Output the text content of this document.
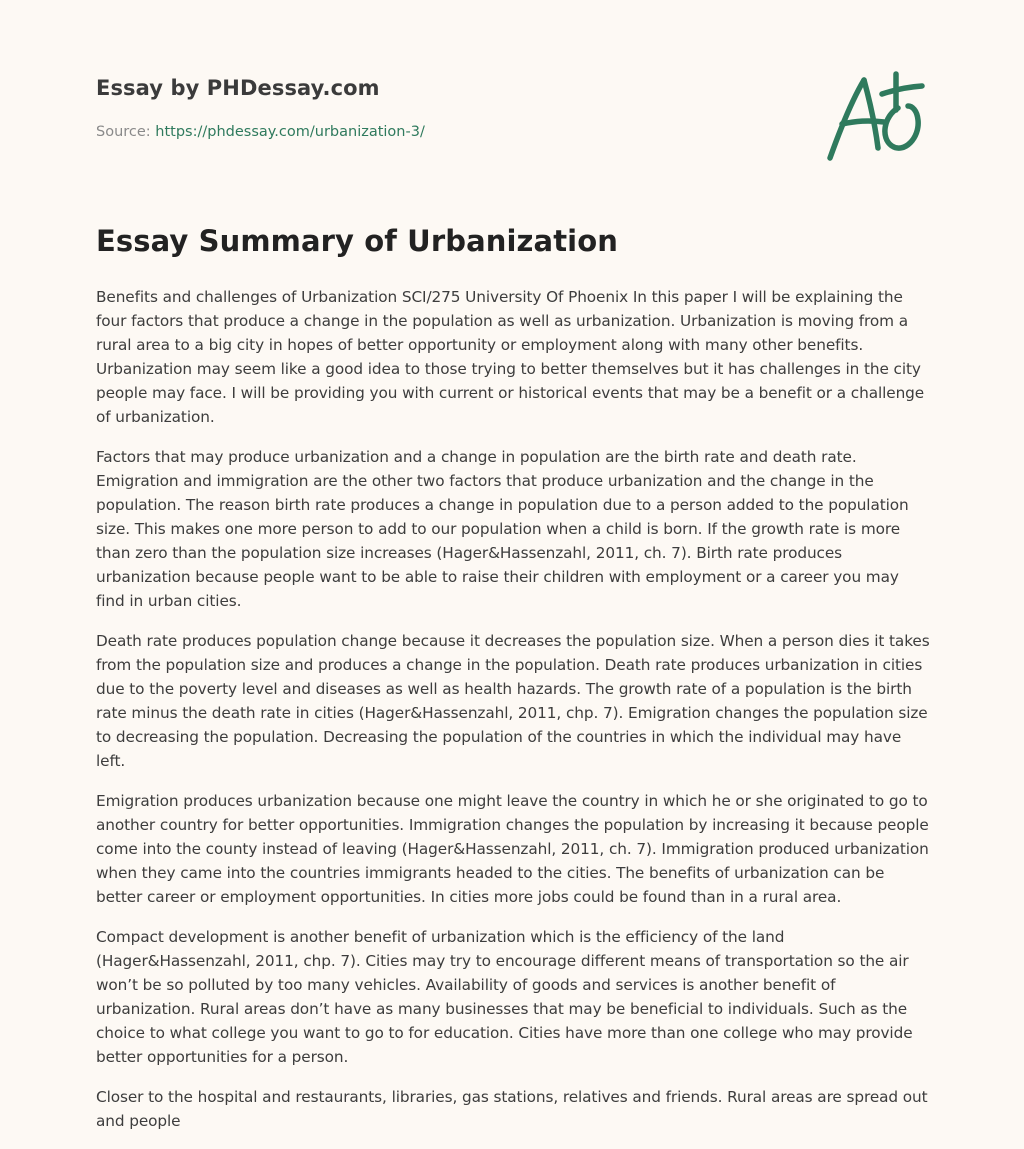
Essay by PHDessay.com
Source: https://phdessay.com/urbanization-3/
Essay Summary of Urbanization

Benefits and challenges of Urbanization SCI/275 University Of Phoenix In this paper I will be explaining the four factors that produce a change in the population as well as urbanization. Urbanization is moving from a rural area to a big city in hopes of better opportunity or employment along with many other benefits. Urbanization may seem like a good idea to those trying to better themselves but it has challenges in the city people may face. I will be providing you with current or historical events that may be a benefit or a challenge of urbanization.

Factors that may produce urbanization and a change in population are the birth rate and death rate. Emigration and immigration are the other two factors that produce urbanization and the change in the population. The reason birth rate produces a change in population due to a person added to the population size. This makes one more person to add to our population when a child is born. If the growth rate is more than zero than the population size increases (Hager&Hassenzahl, 2011, ch. 7). Birth rate produces urbanization because people want to be able to raise their children with employment or a career you may find in urban cities.

Death rate produces population change because it decreases the population size. When a person dies it takes from the population size and produces a change in the population. Death rate produces urbanization in cities due to the poverty level and diseases as well as health hazards. The growth rate of a population is the birth rate minus the death rate in cities (Hager&Hassenzahl, 2011, chp. 7). Emigration changes the population size to decreasing the population. Decreasing the population of the countries in which the individual may have left.

Emigration produces urbanization because one might leave the country in which he or she originated to go to another country for better opportunities. Immigration changes the population by increasing it because people come into the county instead of leaving (Hager&Hassenzahl, 2011, ch. 7). Immigration produced urbanization when they came into the countries immigrants headed to the cities. The benefits of urbanization can be better career or employment opportunities. In cities more jobs could be found than in a rural area.

Compact development is another benefit of urbanization which is the efficiency of the land (Hager&Hassenzahl, 2011, chp. 7). Cities may try to encourage different means of transportation so the air won’t be so polluted by too many vehicles. Availability of goods and services is another benefit of urbanization. Rural areas don’t have as many businesses that may be beneficial to individuals. Such as the choice to what college you want to go to for education. Cities have more than one college who may provide better opportunities for a person.

Closer to the hospital and restaurants, libraries, gas stations, relatives and friends. Rural areas are spread out and people
